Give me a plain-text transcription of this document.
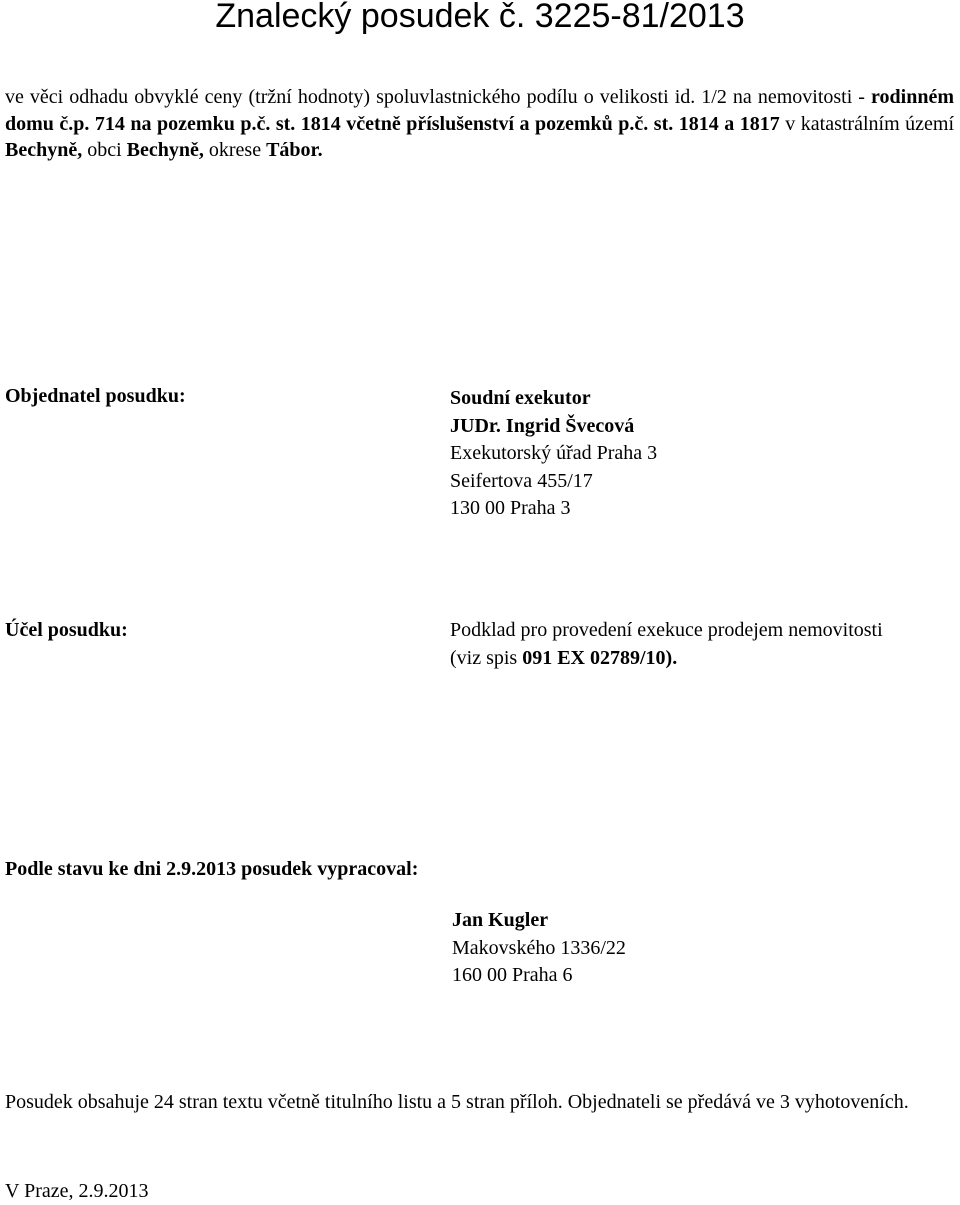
Znalecký posudek č. 3225-81/2013
ve věci odhadu obvyklé ceny (tržní hodnoty) spoluvlastnického podílu o velikosti id. 1/2 na nemovitosti - rodinném domu č.p. 714 na pozemku p.č. st. 1814 včetně příslušenství a pozemků p.č. st. 1814 a 1817 v katastrálním území Bechyně, obci Bechyně, okrese Tábor.
Objednatel posudku:	Soudní exekutor
JUDr. Ingrid Švecová
Exekutorský úřad Praha 3
Seifertova 455/17
130 00 Praha 3
Účel posudku:	Podklad pro provedení exekuce prodejem nemovitosti
(viz spis 091 EX 02789/10).
Podle stavu ke dni 2.9.2013 posudek vypracoval:
Jan Kugler
Makovského 1336/22
160 00 Praha 6
Posudek obsahuje 24 stran textu včetně titulního listu a 5 stran příloh. Objednateli se předává ve 3 vyhotoveních.
V Praze, 2.9.2013
